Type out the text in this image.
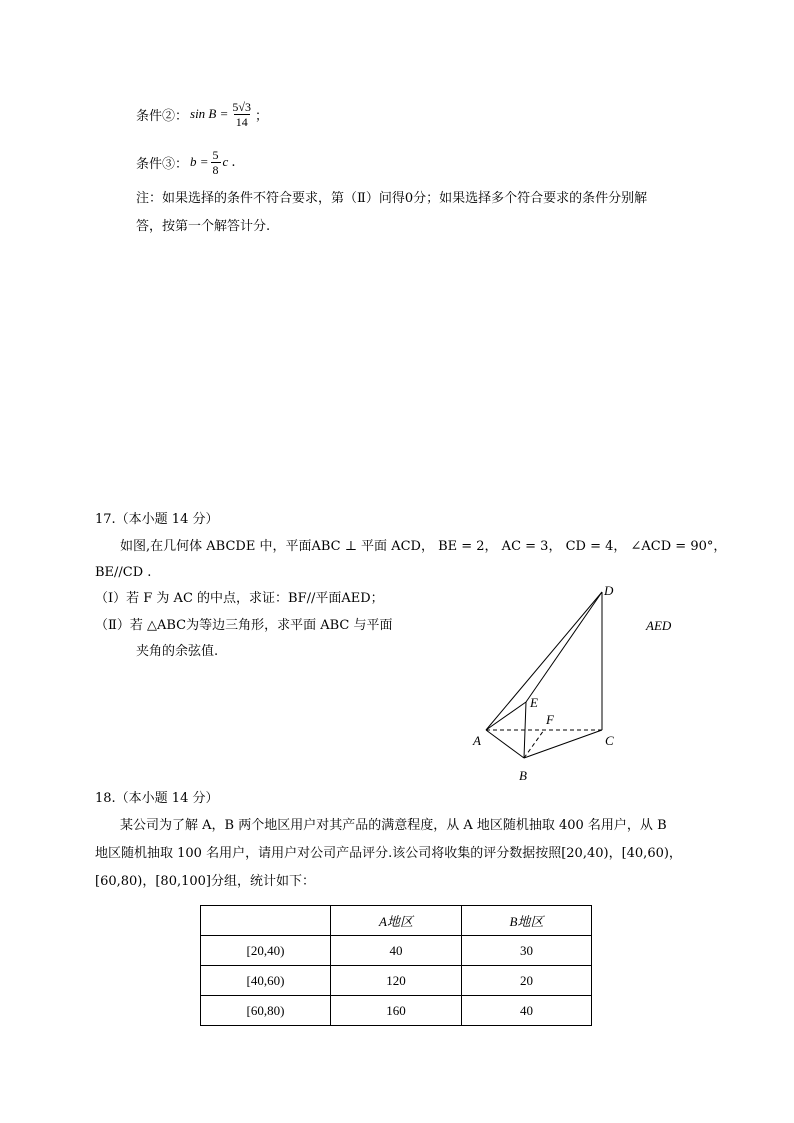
条件②： $\sin B = \frac{5√3}{14}$ ；
条件③： $b = \frac{5}{8}$ c .
注：如果选择的条件不符合要求，第（Ⅱ）问得0分；如果选择多个符合要求的条件分别解
答，按第一个解答计分.
17.（本小题 14 分）
如图,在几何体 ABCDE 中，平面ABC ⊥ 平面 ACD， BE = 2， AC = 3， CD = 4， ∠ACD = 90°，
BE//CD .
（Ⅰ）若 F 为 AC 的中点，求证：BF//平面AED；
（Ⅱ）若 △ABC为等边三角形，求平面 ABC 与平面	AED
夹角的余弦值.
A
B
C
D
E
F
18.（本小题 14 分）
某公司为了解 A，B 两个地区用户对其产品的满意程度，从 A 地区随机抽取 400 名用户，从 B
地区随机抽取 100 名用户，请用户对公司产品评分.该公司将收集的评分数据按照[20,40)，[40,60)，
[60,80)，[80,100]分组，统计如下：
	A地区	B地区
[20,40)	40	30
[40,60)	120	20
[60,80)	160	40
